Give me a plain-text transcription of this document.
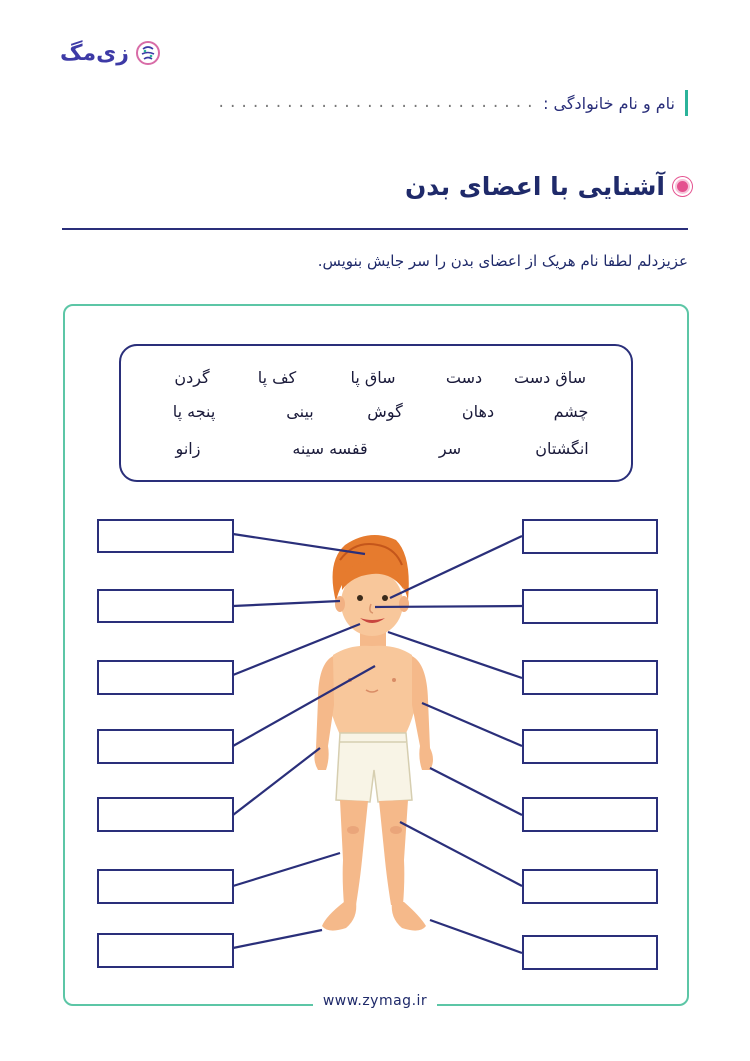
زی‌مگ
نام و نام خانوادگی :
............................
آشنایی با اعضای بدن
عزیزدلم لطفا نام هریک از اعضای بدن را سر جایش بنویس.
www.zymag.ir
ساق دست
دست
ساق پا
کف پا
گردن
چشم
دهان
گوش
بینی
پنجه پا
انگشتان
سر
قفسه سینه
زانو
